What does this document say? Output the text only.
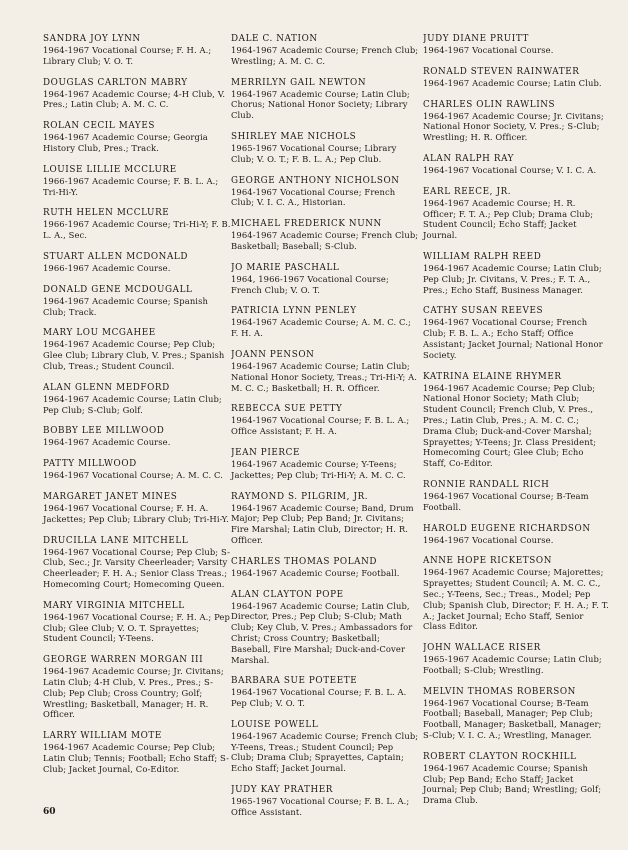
SANDRA JOY LYNN
1964-1967 Vocational Course; F. H. A.; Library Club; V. O. T.
DOUGLAS CARLTON MABRY
1964-1967 Academic Course; 4-H Club, V. Pres.; Latin Club; A. M. C. C.
ROLAN CECIL MAYES
1964-1967 Academic Course; Georgia History Club, Pres.; Track.
LOUISE LILLIE MCCLURE
1966-1967 Academic Course; F. B. L. A.; Tri-Hi-Y.
RUTH HELEN MCCLURE
1966-1967 Academic Course; Tri-Hi-Y; F. B. L. A., Sec.
STUART ALLEN MCDONALD
1966-1967 Academic Course.
DONALD GENE MCDOUGALL
1964-1967 Academic Course; Spanish Club; Track.
MARY LOU MCGAHEE
1964-1967 Academic Course; Pep Club; Glee Club; Library Club, V. Pres.; Spanish Club, Treas.; Student Council.
ALAN GLENN MEDFORD
1964-1967 Academic Course; Latin Club; Pep Club; S-Club; Golf.
BOBBY LEE MILLWOOD
1964-1967 Academic Course.
PATTY MILLWOOD
1964-1967 Vocational Course; A. M. C. C.
MARGARET JANET MINES
1964-1967 Vocational Course; F. H. A. Jackettes; Pep Club; Library Club; Tri-Hi-Y.
DRUCILLA LANE MITCHELL
1964-1967 Vocational Course; Pep Club; S-Club, Sec.; Jr. Varsity Cheerleader; Varsity Cheerleader; F. H. A.; Senior Class Treas.; Homecoming Court; Homecoming Queen.
MARY VIRGINIA MITCHELL
1964-1967 Vocational Course; F. H. A.; Pep Club; Glee Club; V. O. T. Sprayettes; Student Council; Y-Teens.
GEORGE WARREN MORGAN III
1964-1967 Academic Course; Jr. Civitans; Latin Club; 4-H Club, V. Pres., Pres.; S-Club; Pep Club; Cross Country; Golf; Wrestling; Basketball, Manager; H. R. Officer.
LARRY WILLIAM MOTE
1964-1967 Academic Course; Pep Club; Latin Club; Tennis; Football; Echo Staff; S-Club; Jacket Journal, Co-Editor.
DALE C. NATION
1964-1967 Academic Course; French Club; Wrestling; A. M. C. C.
MERRILYN GAIL NEWTON
1964-1967 Academic Course; Latin Club; Chorus; National Honor Society; Library Club.
SHIRLEY MAE NICHOLS
1965-1967 Vocational Course; Library Club; V. O. T.; F. B. L. A.; Pep Club.
GEORGE ANTHONY NICHOLSON
1964-1967 Vocational Course; French Club; V. I. C. A., Historian.
MICHAEL FREDERICK NUNN
1964-1967 Academic Course; French Club; Basketball; Baseball; S-Club.
JO MARIE PASCHALL
1964, 1966-1967 Vocational Course; French Club; V. O. T.
PATRICIA LYNN PENLEY
1964-1967 Academic Course; A. M. C. C.; F. H. A.
JOANN PENSON
1964-1967 Academic Course; Latin Club; National Honor Society, Treas.; Tri-Hi-Y; A. M. C. C.; Basketball; H. R. Officer.
REBECCA SUE PETTY
1964-1967 Vocational Course; F. B. L. A.; Office Assistant; F. H. A.
JEAN PIERCE
1964-1967 Academic Course; Y-Teens; Jackettes; Pep Club; Tri-Hi-Y; A. M. C. C.
RAYMOND S. PILGRIM, JR.
1964-1967 Academic Course; Band, Drum Major; Pep Club; Pep Band; Jr. Civitans; Fire Marshal; Latin Club, Director; H. R. Officer.
CHARLES THOMAS POLAND
1964-1967 Academic Course; Football.
ALAN CLAYTON POPE
1964-1967 Academic Course; Latin Club, Director, Pres.; Pep Club; S-Club; Math Club; Key Club, V. Pres.; Ambassadors for Christ; Cross Country; Basketball; Baseball, Fire Marshal; Duck-and-Cover Marshal.
BARBARA SUE POTEETE
1964-1967 Vocational Course; F. B. L. A. Pep Club; V. O. T.
LOUISE POWELL
1964-1967 Academic Course; French Club; Y-Teens, Treas.; Student Council; Pep Club; Drama Club; Sprayettes, Captain; Echo Staff; Jacket Journal.
JUDY KAY PRATHER
1965-1967 Vocational Course; F. B. L. A.; Office Assistant.
JUDY DIANE PRUITT
1964-1967 Vocational Course.
RONALD STEVEN RAINWATER
1964-1967 Academic Course; Latin Club.
CHARLES OLIN RAWLINS
1964-1967 Academic Course; Jr. Civitans; National Honor Society, V. Pres.; S-Club; Wrestling; H. R. Officer.
ALAN RALPH RAY
1964-1967 Vocational Course; V. I. C. A.
EARL REECE, JR.
1964-1967 Academic Course; H. R. Officer; F. T. A.; Pep Club; Drama Club; Student Council; Echo Staff; Jacket Journal.
WILLIAM RALPH REED
1964-1967 Academic Course; Latin Club; Pep Club; Jr. Civitans, V. Pres.; F. T. A., Pres.; Echo Staff, Business Manager.
CATHY SUSAN REEVES
1964-1967 Vocational Course; French Club; F. B. L. A.; Echo Staff; Office Assistant; Jacket Journal; National Honor Society.
KATRINA ELAINE RHYMER
1964-1967 Academic Course; Pep Club; National Honor Society; Math Club; Student Council; French Club, V. Pres., Pres.; Latin Club, Pres.; A. M. C. C.; Drama Club; Duck-and-Cover Marshal; Sprayettes; Y-Teens; Jr. Class President; Homecoming Court; Glee Club; Echo Staff, Co-Editor.
RONNIE RANDALL RICH
1964-1967 Vocational Course; B-Team Football.
HAROLD EUGENE RICHARDSON
1964-1967 Vocational Course.
ANNE HOPE RICKETSON
1964-1967 Academic Course; Majorettes; Sprayettes; Student Council; A. M. C. C., Sec.; Y-Teens, Sec.; Treas., Model; Pep Club; Spanish Club, Director; F. H. A.; F. T. A.; Jacket Journal; Echo Staff, Senior Class Editor.
JOHN WALLACE RISER
1965-1967 Academic Course; Latin Club; Football; S-Club; Wrestling.
MELVIN THOMAS ROBERSON
1964-1967 Vocational Course; B-Team Football; Baseball, Manager; Pep Club; Football, Manager; Basketball, Manager; S-Club; V. I. C. A.; Wrestling, Manager.
ROBERT CLAYTON ROCKHILL
1964-1967 Academic Course; Spanish Club; Pep Band; Echo Staff; Jacket Journal; Pep Club; Band; Wrestling; Golf; Drama Club.
60
